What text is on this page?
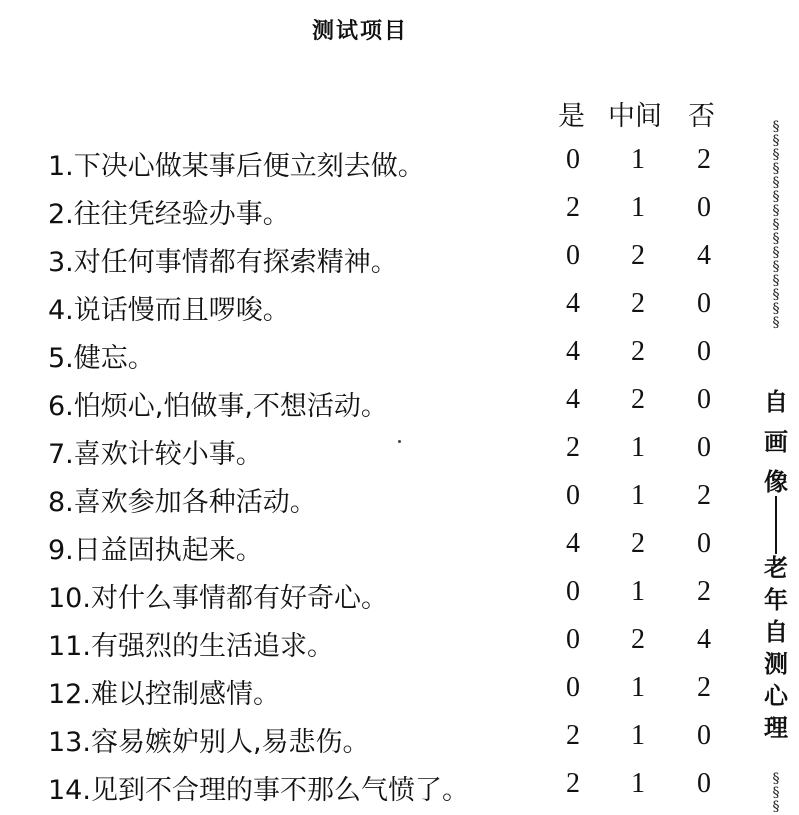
测试项目
是 中间 否
1.下决心做某事后便立刻去做。	0	1	2
2.往往凭经验办事。	2	1	0
3.对任何事情都有探索精神。	0	2	4
4.说话慢而且啰唆。	4	2	0
5.健忘。	4	2	0
6.怕烦心,怕做事,不想活动。	4	2	0
7.喜欢计较小事。	2	1	0
8.喜欢参加各种活动。	0	1	2
9.日益固执起来。	4	2	0
10.对什么事情都有好奇心。	0	1	2
11.有强烈的生活追求。	0	2	4
12.难以控制感情。	0	1	2
13.容易嫉妒别人,易悲伤。	2	1	0
14.见到不合理的事不那么气愤了。	2	1	0
§
§
§
§
§
§
§
§
§
§
§
§
§
§
§
自画像
老年自测心理
§
§
§
